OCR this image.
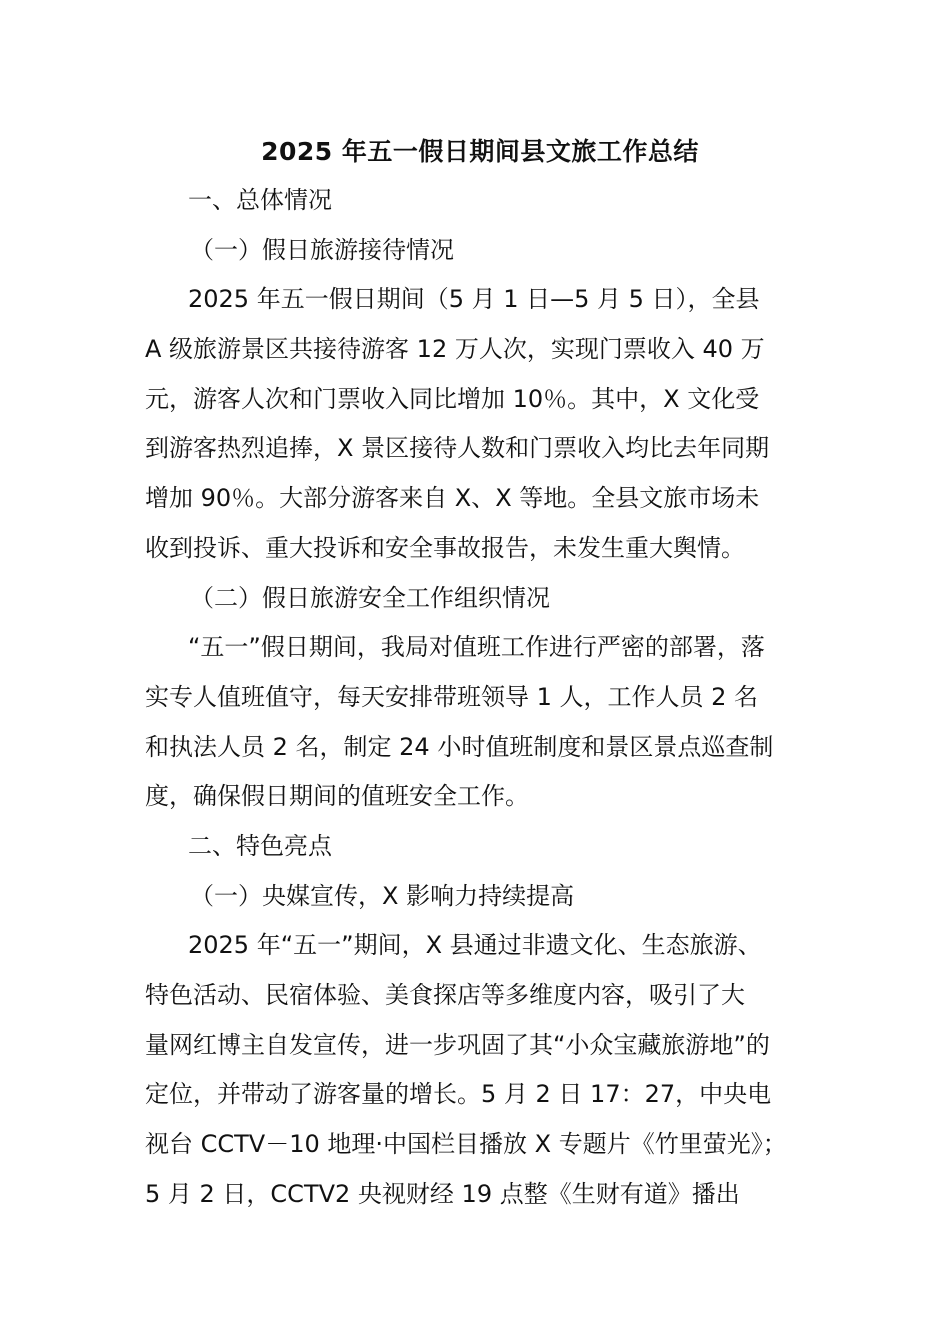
2025 年五一假日期间县文旅工作总结

一、总体情况

（一）假日旅游接待情况

2025 年五一假日期间（5 月 1 日—5 月 5 日），全县

A 级旅游景区共接待游客 12 万人次，实现门票收入 40 万

元，游客人次和门票收入同比增加 10％。其中，X 文化受

到游客热烈追捧，X 景区接待人数和门票收入均比去年同期

增加 90％。大部分游客来自 X、X 等地。全县文旅市场未

收到投诉、重大投诉和安全事故报告，未发生重大舆情。

（二）假日旅游安全工作组织情况

“五一”假日期间，我局对值班工作进行严密的部署，落

实专人值班值守，每天安排带班领导 1 人，工作人员 2 名

和执法人员 2 名，制定 24 小时值班制度和景区景点巡查制

度，确保假日期间的值班安全工作。

二、特色亮点

（一）央媒宣传，X 影响力持续提高

2025 年“五一”期间，X 县通过非遗文化、生态旅游、

特色活动、民宿体验、美食探店等多维度内容，吸引了大

量网红博主自发宣传，进一步巩固了其“小众宝藏旅游地”的

定位，并带动了游客量的增长。5 月 2 日 17：27，中央电

视台 CCTV－10 地理·中国栏目播放 X 专题片《竹里萤光》；

5 月 2 日，CCTV2 央视财经 19 点整《生财有道》播出
